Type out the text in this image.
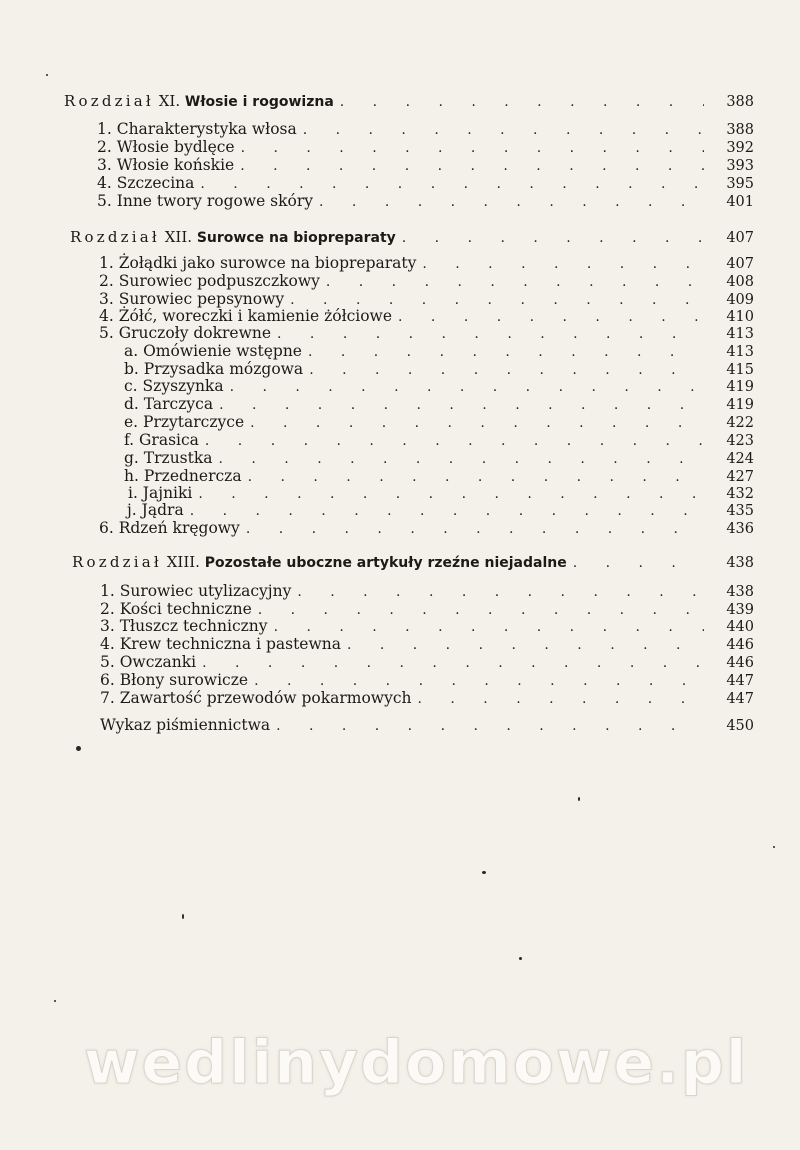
Rozdział XI. Włosie i rogowizna . . .	388
1. Charakterystyka włosa . . .	388
2. Włosie bydlęce . . .	392
3. Włosie końskie . . .	393
4. Szczecina . . .	395
5. Inne twory rogowe skóry . . .	401
Rozdział XII. Surowce na biopreparaty . . .	407
1. Żołądki jako surowce na biopreparaty . . .	407
2. Surowiec podpuszczkowy . . .	408
3. Surowiec pepsynowy . . .	409
4. Żółć, woreczki i kamienie żółciowe . . .	410
5. Gruczoły dokrewne . . .	413
a. Omówienie wstępne . . .	413
b. Przysadka mózgowa . . .	415
c. Szyszynka . . .	419
d. Tarczyca . . .	419
e. Przytarczyce . . .	422
f. Grasica . . .	423
g. Trzustka . . .	424
h. Przednercza . . .	427
i. Jajniki . . .	432
j. Jądra . . .	435
6. Rdzeń kręgowy . . .	436
Rozdział XIII. Pozostałe uboczne artykuły rzeźne niejadalne . . .	438
1. Surowiec utylizacyjny . . .	438
2. Kości techniczne . . .	439
3. Tłuszcz techniczny . . .	440
4. Krew techniczna i pastewna . . .	446
5. Owczanki . . .	446
6. Błony surowicze . . .	447
7. Zawartość przewodów pokarmowych . . .	447
Wykaz piśmiennictwa . . .	450
wedlinydomowe.pl
